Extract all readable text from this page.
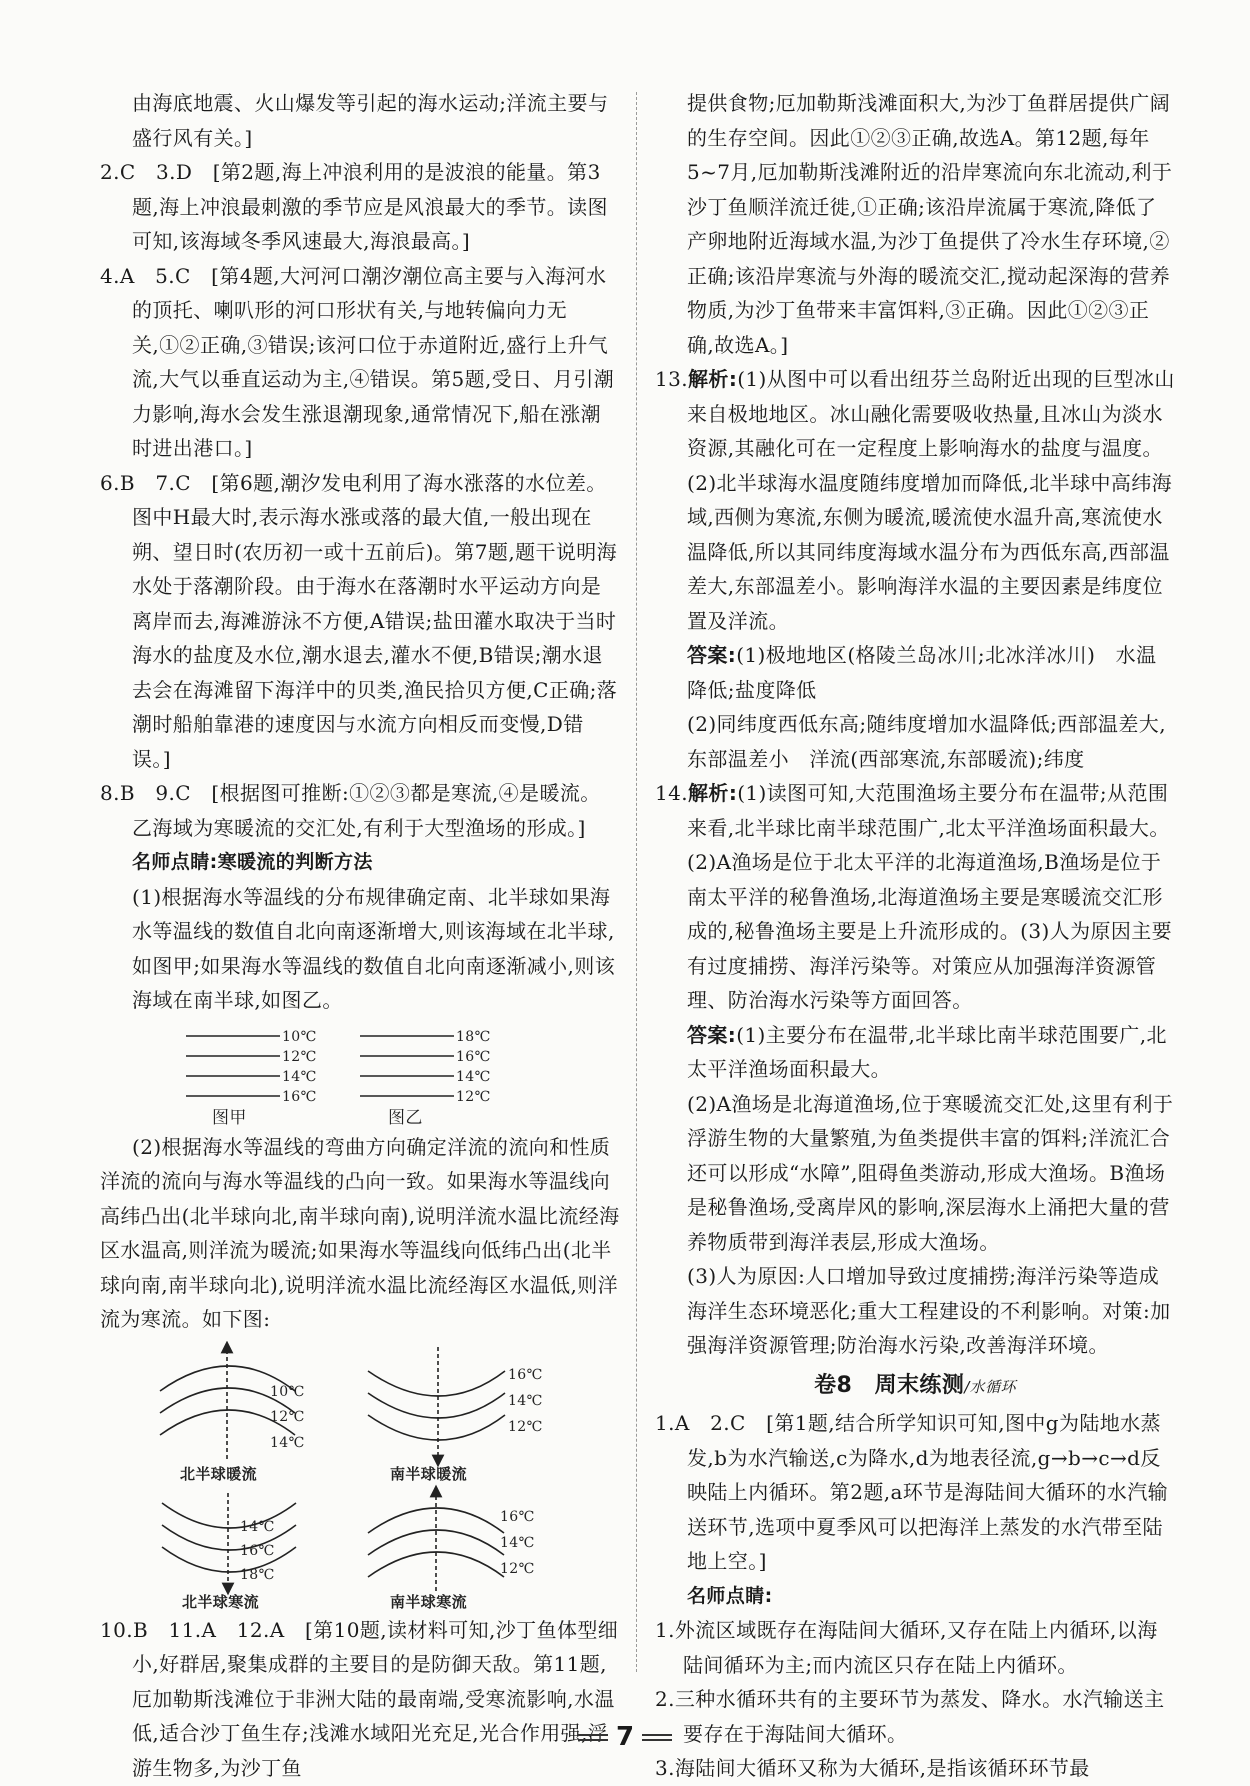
由海底地震、火山爆发等引起的海水运动;洋流主要与盛行风有关。]

2.C　3.D　[第2题,海上冲浪利用的是波浪的能量。第3题,海上冲浪最刺激的季节应是风浪最大的季节。读图可知,该海域冬季风速最大,海浪最高。]

4.A　5.C　[第4题,大河河口潮汐潮位高主要与入海河水的顶托、喇叭形的河口形状有关,与地转偏向力无关,①②正确,③错误;该河口位于赤道附近,盛行上升气流,大气以垂直运动为主,④错误。第5题,受日、月引潮力影响,海水会发生涨退潮现象,通常情况下,船在涨潮时进出港口。]

6.B　7.C　[第6题,潮汐发电利用了海水涨落的水位差。图中H最大时,表示海水涨或落的最大值,一般出现在朔、望日时(农历初一或十五前后)。第7题,题干说明海水处于落潮阶段。由于海水在落潮时水平运动方向是离岸而去,海滩游泳不方便,A错误;盐田灌水取决于当时海水的盐度及水位,潮水退去,灌水不便,B错误;潮水退去会在海滩留下海洋中的贝类,渔民拾贝方便,C正确;落潮时船舶靠港的速度因与水流方向相反而变慢,D错误。]

8.B　9.C　[根据图可推断:①②③都是寒流,④是暖流。乙海域为寒暖流的交汇处,有利于大型渔场的形成。]

名师点睛:寒暖流的判断方法

(1)根据海水等温线的分布规律确定南、北半球如果海水等温线的数值自北向南逐渐增大,则该海域在北半球,如图甲;如果海水等温线的数值自北向南逐渐减小,则该海域在南半球,如图乙。

10℃
12℃
14℃
16℃
18℃
16℃
14℃
12℃
图甲	图乙

(2)根据海水等温线的弯曲方向确定洋流的流向和性质

洋流的流向与海水等温线的凸向一致。如果海水等温线向高纬凸出(北半球向北,南半球向南),说明洋流水温比流经海区水温高,则洋流为暖流;如果海水等温线向低纬凸出(北半球向南,南半球向北),说明洋流水温比流经海区水温低,则洋流为寒流。如下图:

10℃
12℃
14℃
北半球暖流
16℃
14℃
12℃
南半球暖流
14℃
16℃
18℃
北半球寒流
16℃
14℃
12℃
南半球寒流

10.B　11.A　12.A　[第10题,读材料可知,沙丁鱼体型细小,好群居,聚集成群的主要目的是防御天敌。第11题,厄加勒斯浅滩位于非洲大陆的最南端,受寒流影响,水温低,适合沙丁鱼生存;浅滩水域阳光充足,光合作用强,浮游生物多,为沙丁鱼

提供食物;厄加勒斯浅滩面积大,为沙丁鱼群居提供广阔的生存空间。因此①②③正确,故选A。第12题,每年5~7月,厄加勒斯浅滩附近的沿岸寒流向东北流动,利于沙丁鱼顺洋流迁徙,①正确;该沿岸流属于寒流,降低了产卵地附近海域水温,为沙丁鱼提供了冷水生存环境,②正确;该沿岸寒流与外海的暖流交汇,搅动起深海的营养物质,为沙丁鱼带来丰富饵料,③正确。因此①②③正确,故选A。]

13.解析:(1)从图中可以看出纽芬兰岛附近出现的巨型冰山来自极地地区。冰山融化需要吸收热量,且冰山为淡水资源,其融化可在一定程度上影响海水的盐度与温度。(2)北半球海水温度随纬度增加而降低,北半球中高纬海域,西侧为寒流,东侧为暖流,暖流使水温升高,寒流使水温降低,所以其同纬度海域水温分布为西低东高,西部温差大,东部温差小。影响海洋水温的主要因素是纬度位置及洋流。

答案:(1)极地地区(格陵兰岛冰川;北冰洋冰川)　水温降低;盐度降低

(2)同纬度西低东高;随纬度增加水温降低;西部温差大,东部温差小　洋流(西部寒流,东部暖流);纬度

14.解析:(1)读图可知,大范围渔场主要分布在温带;从范围来看,北半球比南半球范围广,北太平洋渔场面积最大。(2)A渔场是位于北太平洋的北海道渔场,B渔场是位于南太平洋的秘鲁渔场,北海道渔场主要是寒暖流交汇形成的,秘鲁渔场主要是上升流形成的。(3)人为原因主要有过度捕捞、海洋污染等。对策应从加强海洋资源管理、防治海水污染等方面回答。

答案:(1)主要分布在温带,北半球比南半球范围要广,北太平洋渔场面积最大。

(2)A渔场是北海道渔场,位于寒暖流交汇处,这里有利于浮游生物的大量繁殖,为鱼类提供丰富的饵料;洋流汇合还可以形成“水障”,阻碍鱼类游动,形成大渔场。B渔场是秘鲁渔场,受离岸风的影响,深层海水上涌把大量的营养物质带到海洋表层,形成大渔场。

(3)人为原因:人口增加导致过度捕捞;海洋污染等造成海洋生态环境恶化;重大工程建设的不利影响。对策:加强海洋资源管理;防治海水污染,改善海洋环境。

卷8　周末练测/水循环

1.A　2.C　[第1题,结合所学知识可知,图中g为陆地水蒸发,b为水汽输送,c为降水,d为地表径流,g→b→c→d反映陆上内循环。第2题,a环节是海陆间大循环的水汽输送环节,选项中夏季风可以把海洋上蒸发的水汽带至陆地上空。]

名师点睛:

1.外流区域既存在海陆间大循环,又存在陆上内循环,以海陆间循环为主;而内流区只存在陆上内循环。

2.三种水循环共有的主要环节为蒸发、降水。水汽输送主要存在于海陆间大循环。

3.海陆间大循环又称为大循环,是指该循环环节最

7
